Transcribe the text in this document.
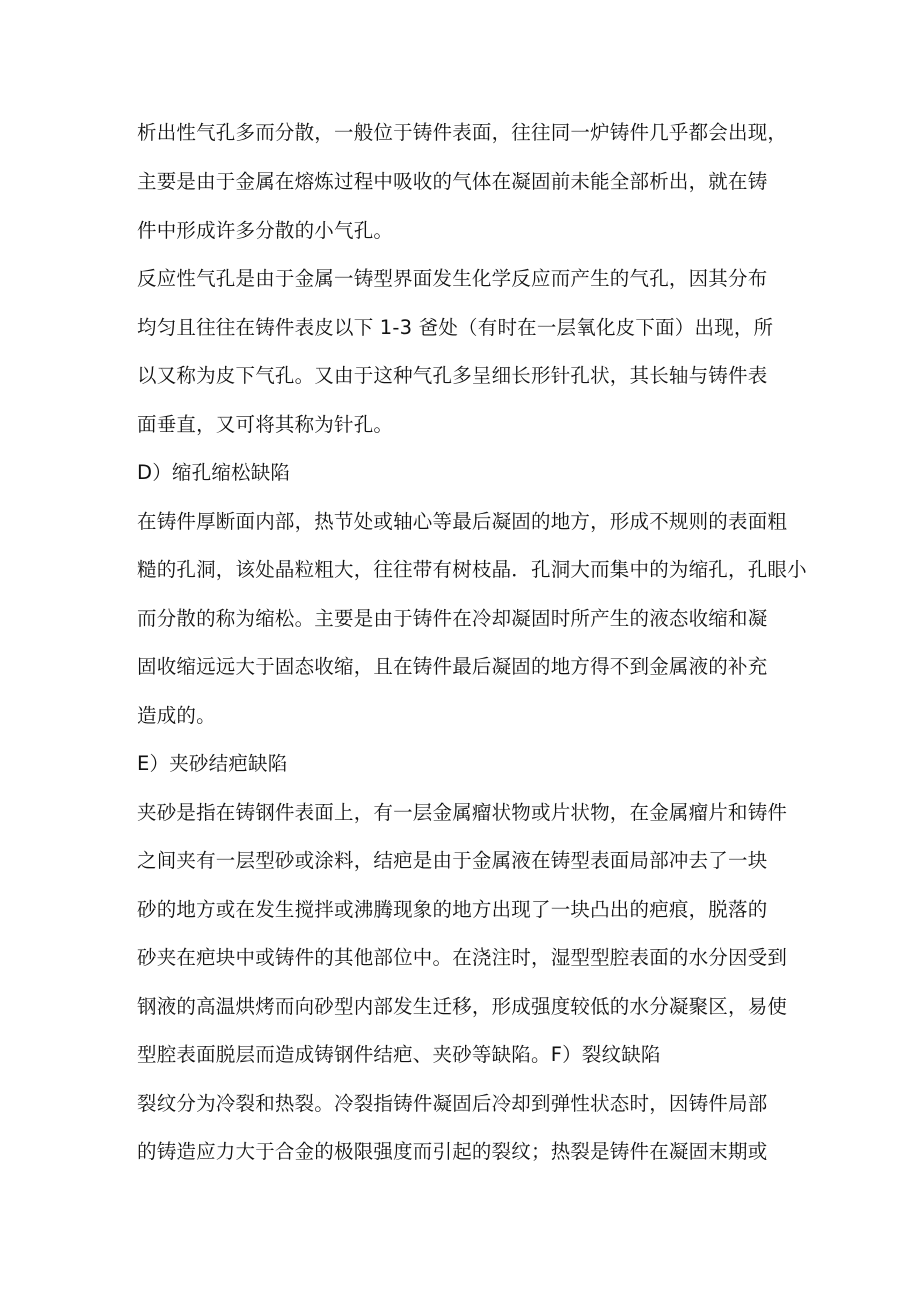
析出性气孔多而分散，一般位于铸件表面，往往同一炉铸件几乎都会出现，
主要是由于金属在熔炼过程中吸收的气体在凝固前未能全部析出，就在铸
件中形成许多分散的小气孔。
反应性气孔是由于金属一铸型界面发生化学反应而产生的气孔，因其分布
均匀且往往在铸件表皮以下 1-3 爸处（有时在一层氧化皮下面）出现，所
以又称为皮下气孔。又由于这种气孔多呈细长形针孔状，其长轴与铸件表
面垂直，又可将其称为针孔。
D）缩孔缩松缺陷
在铸件厚断面内部，热节处或轴心等最后凝固的地方，形成不规则的表面粗
糙的孔洞，该处晶粒粗大，往往带有树枝晶．孔洞大而集中的为缩孔，孔眼小
而分散的称为缩松。主要是由于铸件在冷却凝固时所产生的液态收缩和凝
固收缩远远大于固态收缩，且在铸件最后凝固的地方得不到金属液的补充
造成的。
E）夹砂结疤缺陷
夹砂是指在铸钢件表面上，有一层金属瘤状物或片状物，在金属瘤片和铸件
之间夹有一层型砂或涂料，结疤是由于金属液在铸型表面局部冲去了一块
砂的地方或在发生搅拌或沸腾现象的地方出现了一块凸出的疤痕，脱落的
砂夹在疤块中或铸件的其他部位中。在浇注时，湿型型腔表面的水分因受到
钢液的高温烘烤而向砂型内部发生迁移，形成强度较低的水分凝聚区，易使
型腔表面脱层而造成铸钢件结疤、夹砂等缺陷。F）裂纹缺陷
裂纹分为冷裂和热裂。冷裂指铸件凝固后冷却到弹性状态时，因铸件局部
的铸造应力大于合金的极限强度而引起的裂纹；热裂是铸件在凝固末期或
